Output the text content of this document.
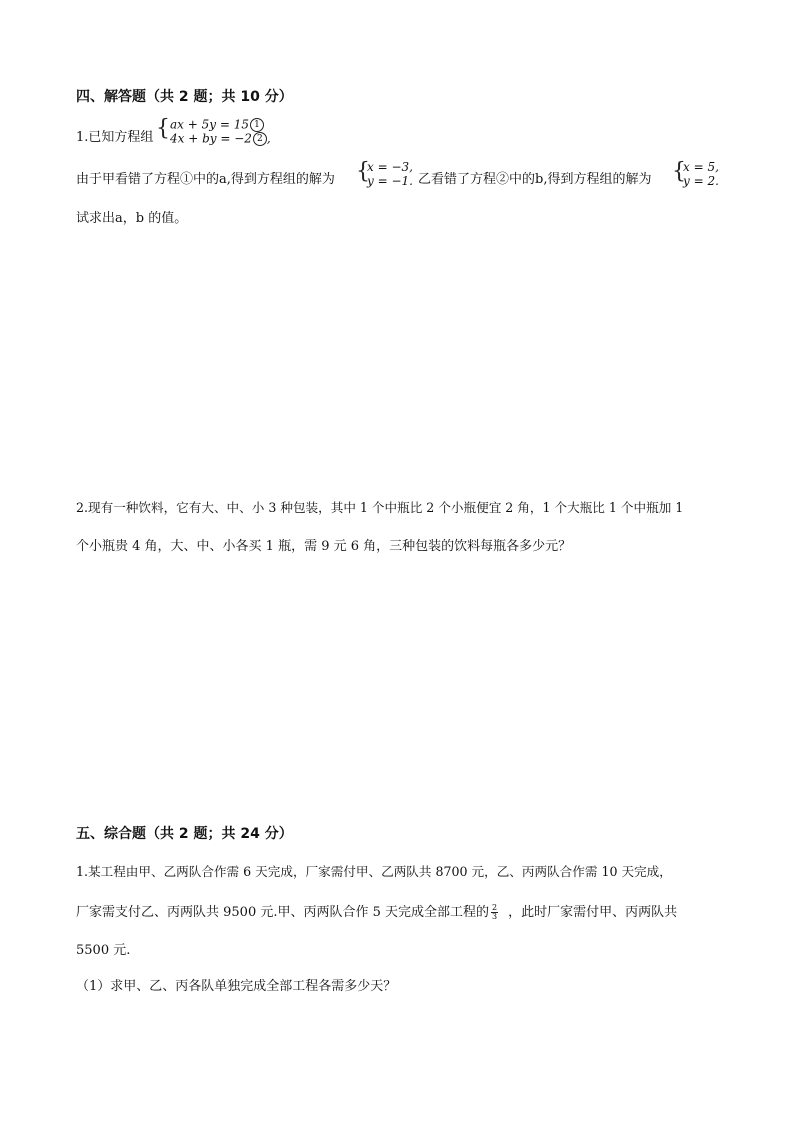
四、解答题（共 2 题；共 10 分）
1.已知方程组 { ax + 5y = 15 1
4x + by = −2 2 ,
由于甲看错了方程①中的a,得到方程组的解为 {
x = −3,
y = −1. 乙看错了方程②中的b,得到方程组的解为 {
x = 5,
y = 2.
试求出a，b 的值。
2.现有一种饮料，它有大、中、小 3 种包装，其中 1 个中瓶比 2 个小瓶便宜 2 角，1 个大瓶比 1 个中瓶加 1
个小瓶贵 4 角，大、中、小各买 1 瓶，需 9 元 6 角，三种包装的饮料每瓶各多少元？
五、综合题（共 2 题；共 24 分）
1.某工程由甲、乙两队合作需 6 天完成，厂家需付甲、乙两队共 8700 元，乙、丙两队合作需 10 天完成，
厂家需支付乙、丙两队共 9500 元.甲、丙两队合作 5 天完成全部工程的 $\frac{2}{3}$ ，此时厂家需付甲、丙两队共
5500 元.
（1）求甲、乙、丙各队单独完成全部工程各需多少天？
